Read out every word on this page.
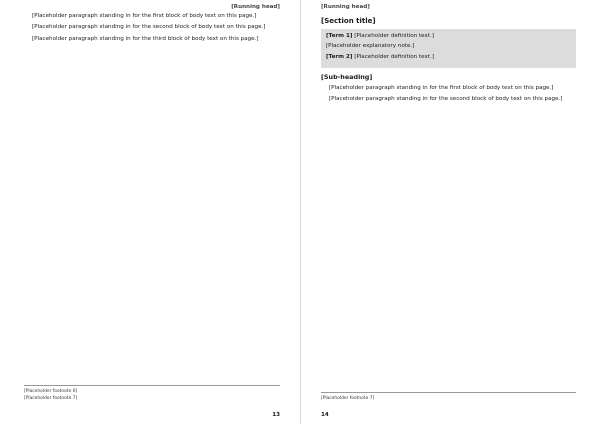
[Running head]

[Placeholder paragraph standing in for the first block of body text on this page.]

[Placeholder paragraph standing in for the second block of body text on this page.]

[Placeholder paragraph standing in for the third block of body text on this page.]

[Placeholder footnote 6]

[Placeholder footnote 7]

13
[Running head]
[Section title]

[Term 1] [Placeholder definition text.]

[Placeholder explanatory note.]

[Term 2] [Placeholder definition text.]

[Sub-heading]

[Placeholder paragraph standing in for the first block of body text on this page.]

[Placeholder paragraph standing in for the second block of body text on this page.]

[Placeholder footnote 7]

14
